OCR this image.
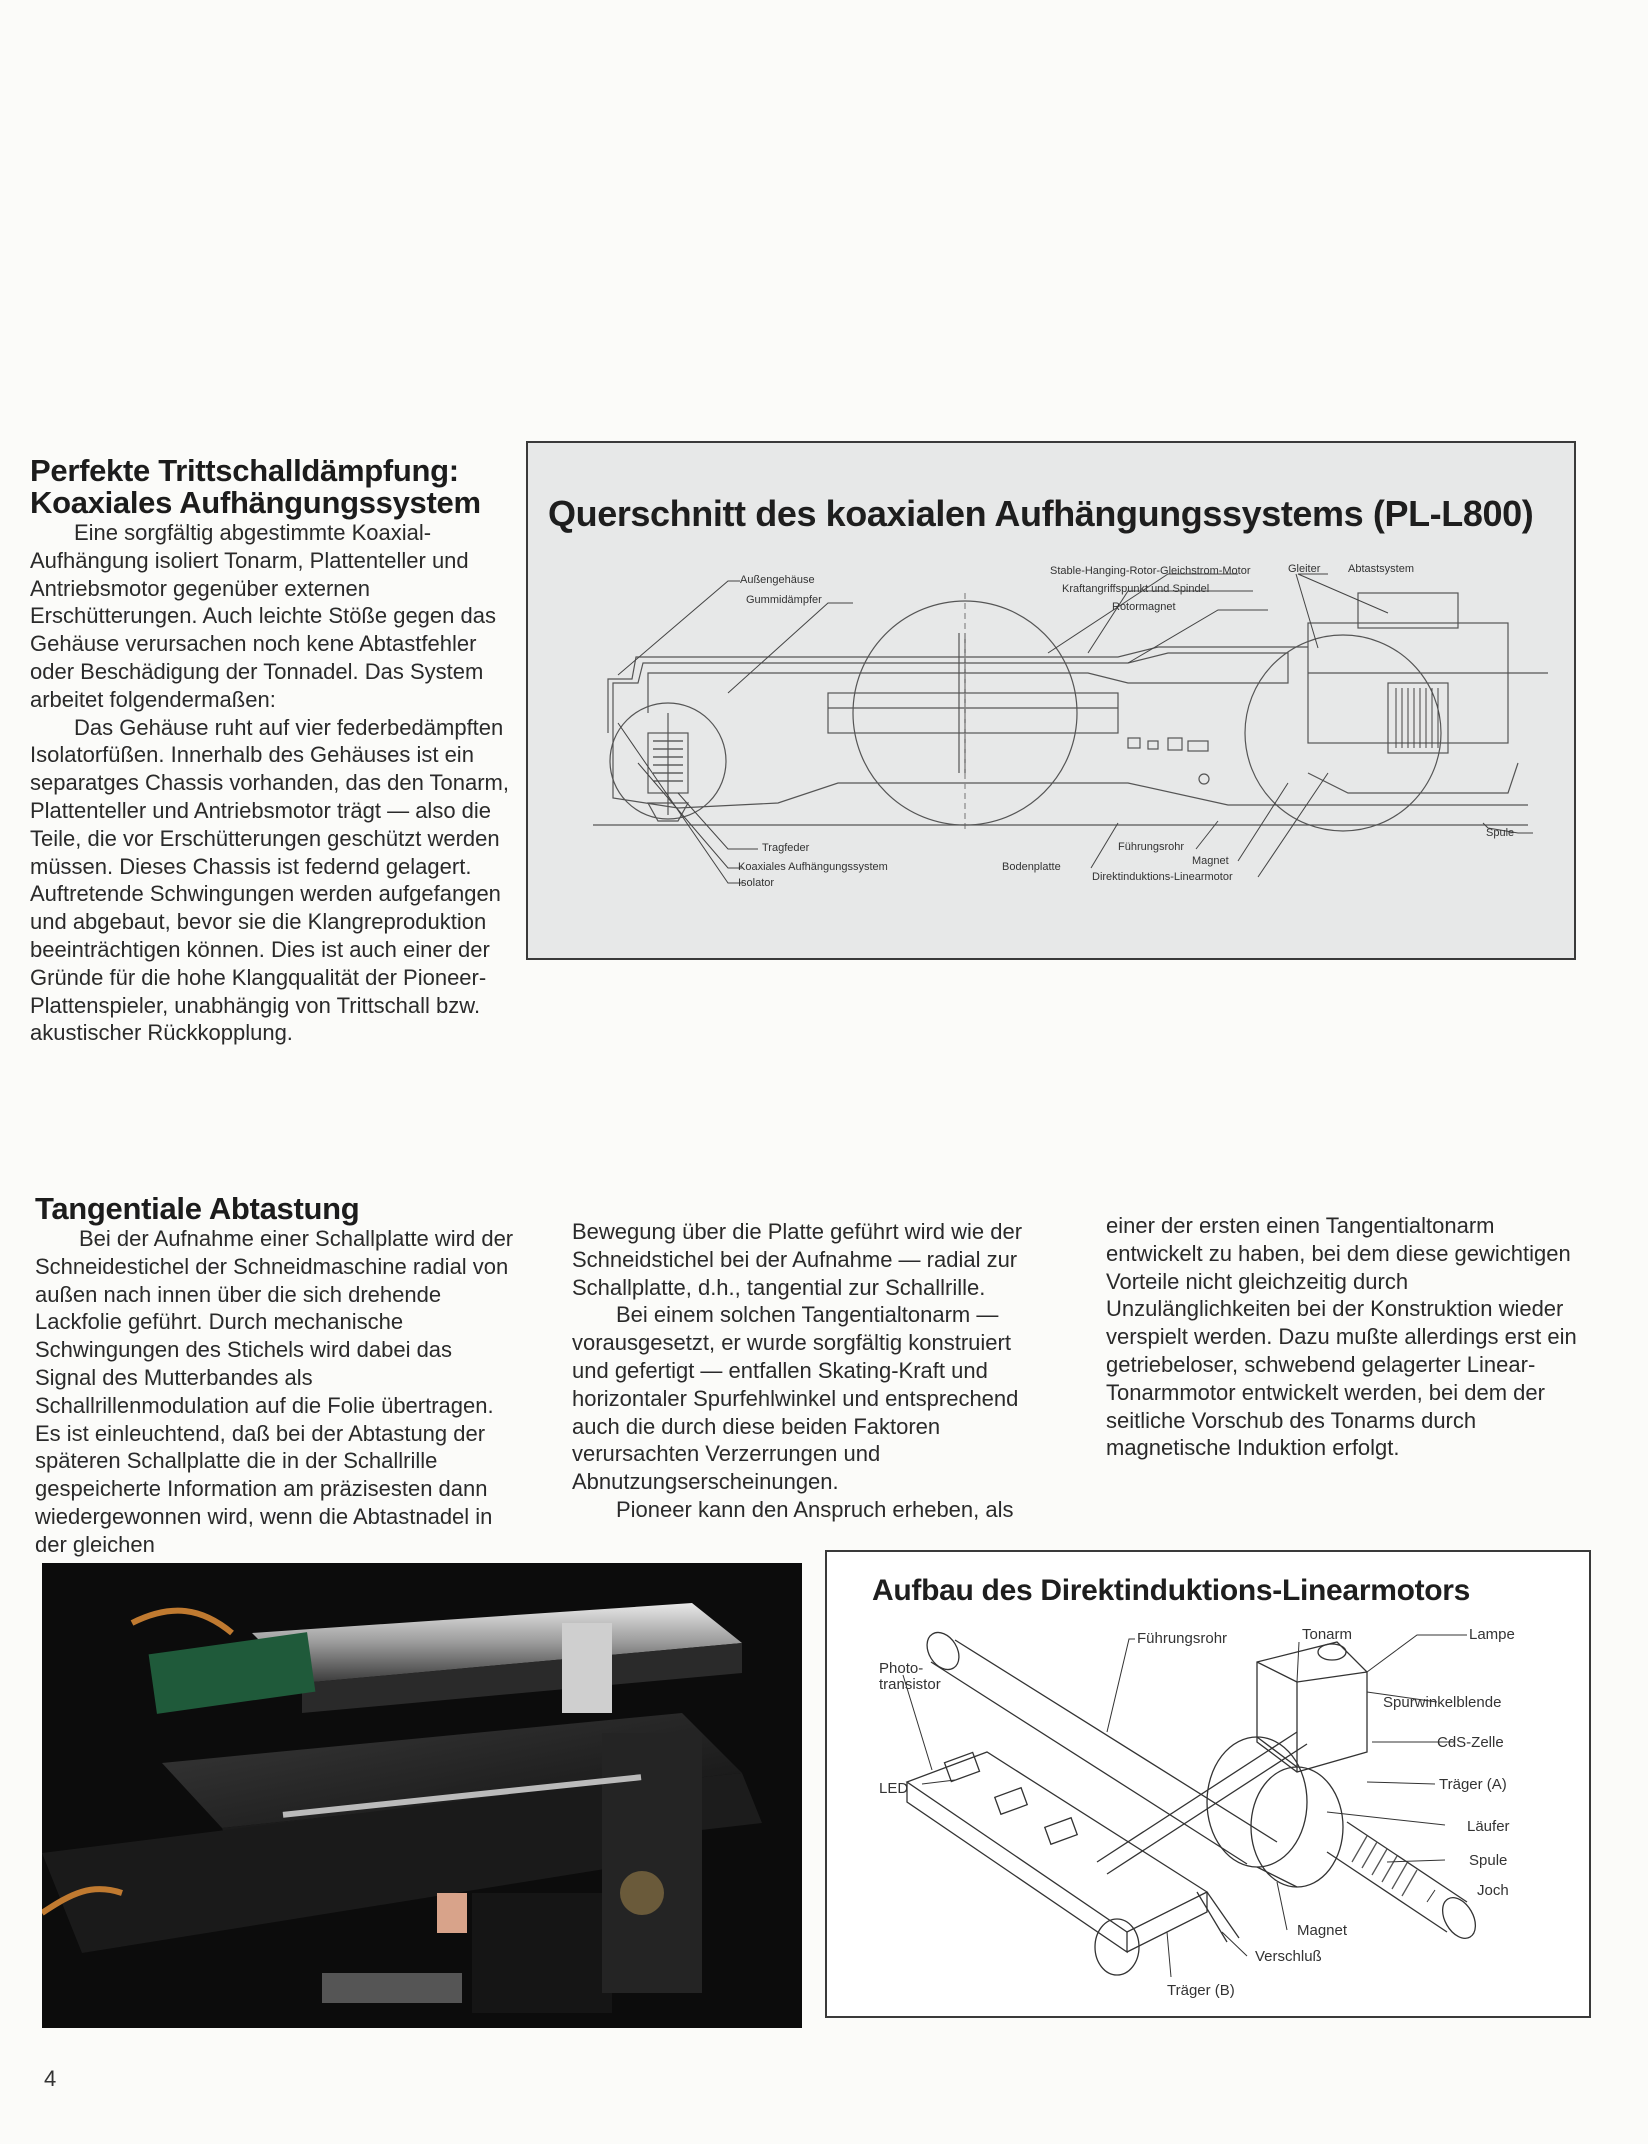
Perfekte Trittschalldämpfung:
Koaxiales Aufhängungssystem

Eine sorgfältig abgestimmte Koaxial-Aufhängung isoliert Tonarm, Plattenteller und Antriebsmotor gegenüber externen Erschütterungen. Auch leichte Stöße gegen das Gehäuse verursachen noch kene Abtastfehler oder Beschädigung der Tonnadel. Das System arbeitet folgendermaßen:

Das Gehäuse ruht auf vier federbedämpften Isolatorfüßen. Innerhalb des Gehäuses ist ein separatges Chassis vorhanden, das den Tonarm, Plattenteller und Antriebsmotor trägt — also die Teile, die vor Erschütterungen geschützt werden müssen. Dieses Chassis ist federnd gelagert. Auftretende Schwingungen werden aufgefangen und abgebaut, bevor sie die Klangreproduktion beeinträchtigen können. Dies ist auch einer der Gründe für die hohe Klangqualität der Pioneer-Plattenspieler, unabhängig von Trittschall bzw. akustischer Rückkopplung.

Querschnitt des koaxialen Aufhängungssystems (PL-L800)
Außengehäuse
Gummidämpfer
Stable-Hanging-Rotor-Gleichstrom-Motor
Kraftangriffspunkt und Spindel
Rotormagnet
Gleiter	Abtastsystem
Tragfeder
Koaxiales Aufhängungssystem
Isolator
Bodenplatte
Führungsrohr
Magnet
Direktinduktions-Linearmotor
Spule
Tangentiale Abtastung

Bei der Aufnahme einer Schallplatte wird der Schneidestichel der Schneidmaschine radial von außen nach innen über die sich drehende Lackfolie geführt. Durch mechanische Schwingungen des Stichels wird dabei das Signal des Mutterbandes als Schallrillenmodulation auf die Folie übertragen. Es ist einleuchtend, daß bei der Abtastung der späteren Schallplatte die in der Schallrille gespeicherte Information am präzisesten dann wiedergewonnen wird, wenn die Abtastnadel in der gleichen

Bewegung über die Platte geführt wird wie der Schneidstichel bei der Aufnahme — radial zur Schallplatte, d.h., tangential zur Schallrille.

Bei einem solchen Tangentialtonarm — vorausgesetzt, er wurde sorgfältig konstruiert und gefertigt — entfallen Skating-Kraft und horizontaler Spurfehlwinkel und entsprechend auch die durch diese beiden Faktoren verursachten Verzerrungen und Abnutzungserscheinungen.

Pioneer kann den Anspruch erheben, als

einer der ersten einen Tangentialtonarm entwickelt zu haben, bei dem diese gewichtigen Vorteile nicht gleichzeitig durch Unzulänglichkeiten bei der Konstruktion wieder verspielt werden. Dazu mußte allerdings erst ein getriebeloser, schwebend gelagerter Linear-Tonarmmotor entwickelt werden, bei dem der seitliche Vorschub des Tonarms durch magnetische Induktion erfolgt.

Aufbau des Direktinduktions-Linearmotors
Führungsrohr	Tonarm	Lampe
Photo-
transistor
Spurwinkelblende
CdS-Zelle
Träger (A)
LED
Läufer
Spule
Joch
Magnet
Verschluß
Träger (B)
4
